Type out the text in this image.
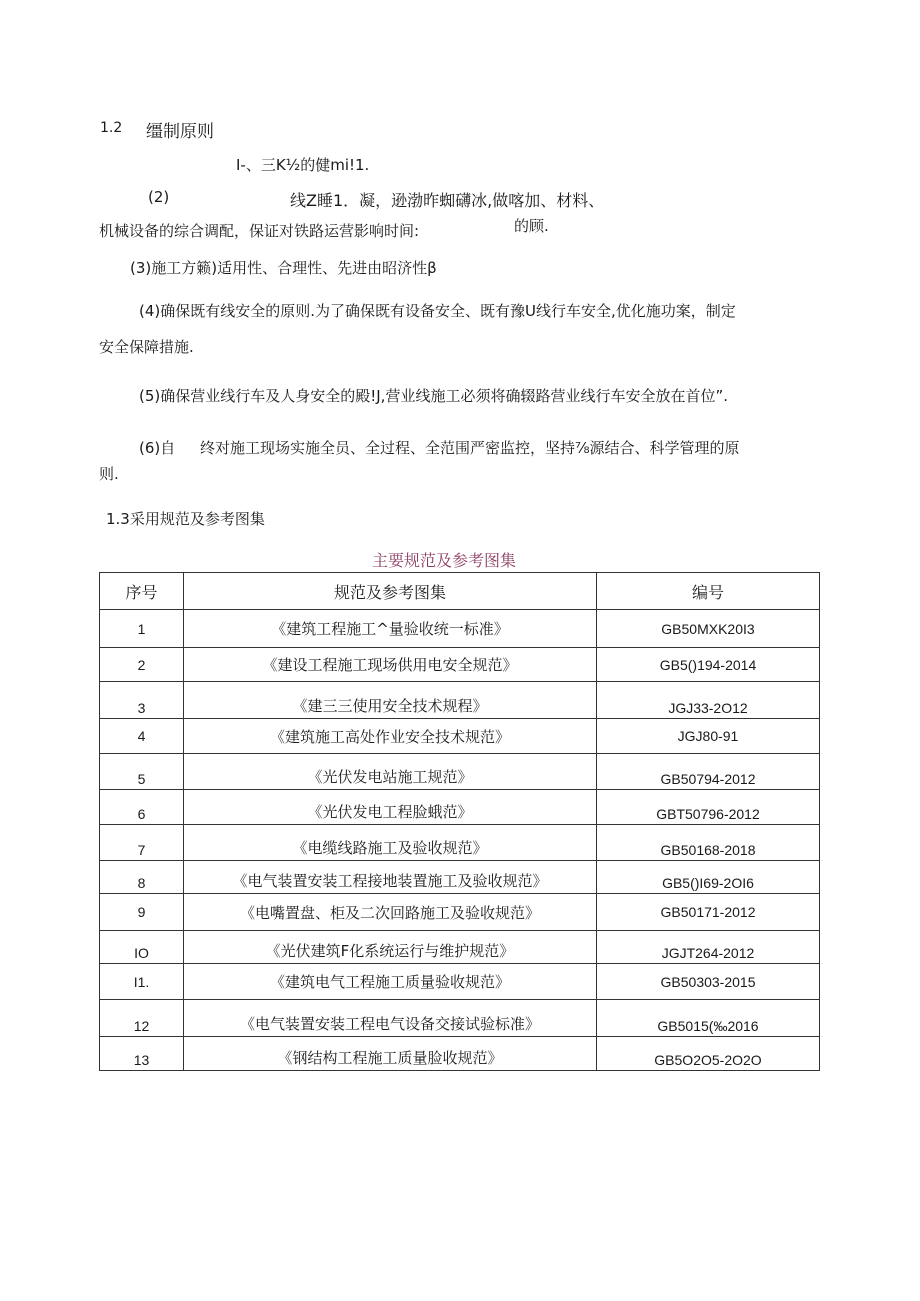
1.2 缰制原则
I-、三K½的健mi!1.
(2)	线Z睡1．凝，逊渤昨蜘礴冰,做喀加、材料、
机械设备的综合调配，保证对铁路运营影响时间:	的顾.
(3)施工方籁)适用性、合理性、先进由昭济性β
(4)确保既有线安全的原则.为了确保既有设备安全、既有豫U线行车安全,优化施功案，制定
安全保障措施.
(5)确保营业线行车及人身安全的殿!J,营业线施工必须将确辍路营业线行车安全放在首位”.
(6)自 终对施工现场实施全员、全过程、全范围严密监控，坚持⅞源结合、科学管理的原
则.
1.3采用规范及参考图集
主要规范及参考图集
序号	规范及参考图集	编号
1	《建筑工程施工^量验收统一标准》	GB50MXK20I3
2	《建设工程施工现场供用电安全规范》	GB5()194-2014
3	《建三三使用安全技术规程》	JGJ33-2O12
4	《建筑施工高处作业安全技术规范》	JGJ80-91
5	《光伏发电站施工规范》	GB50794-2012
6	《光伏发电工程脸蛾范》	GBT50796-2012
7	《电缆线路施工及验收规范》	GB50168-2018
8	《电气装置安装工程接地装置施工及验收规范》	GB5()I69-2OI6
9	《电嘴置盘、柜及二次回路施工及验收规范》	GB50171-2012
IO	《光伏建筑F化系统运行与维护规范》	JGJT264-2012
I1.	《建筑电气工程施工质量验收规范》	GB50303-2015
12	《电气装置安装工程电气设备交接试验标准》	GB5015(‰2016
13	《钢结构工程施工质量脸收规范》	GB5O2O5-2O2O
